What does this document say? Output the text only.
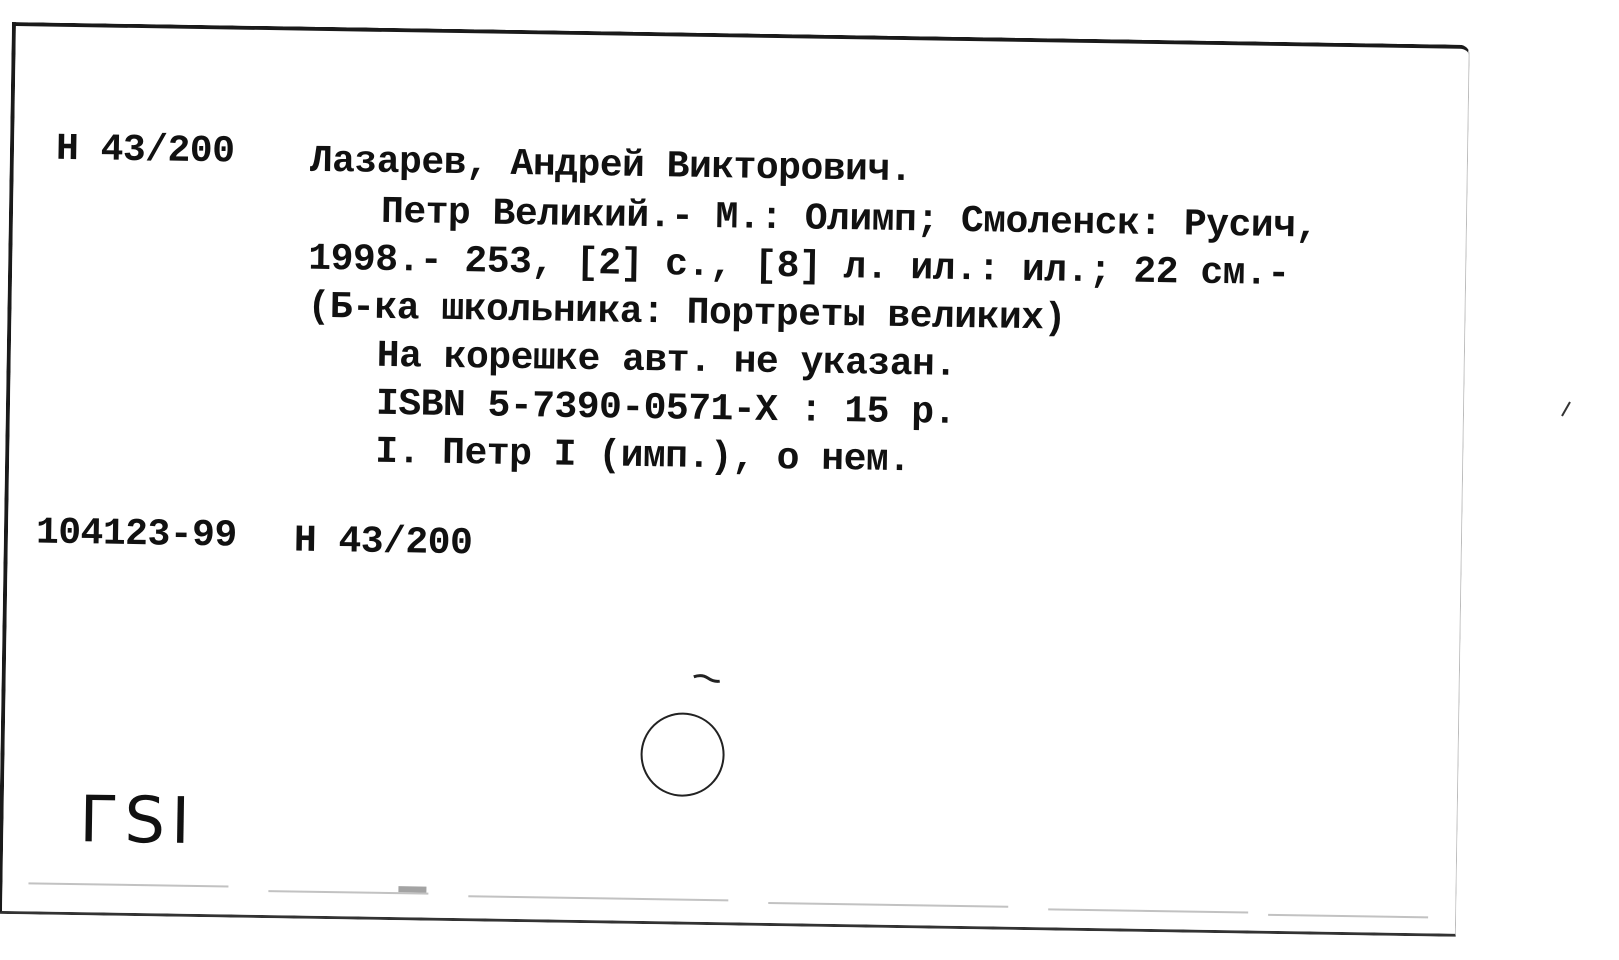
Н 43/200 Лазарев, Андрей Викторович.
Петр Великий.- М.: Олимп; Смоленск: Русич,
1998.- 253, [2] с., [8] л. ил.: ил.; 22 см.-
(Б-ка школьника: Портреты великих)
На корешке авт. не указан.
ISBN 5-7390-0571-X : 15 р.
I. Петр I (имп.), о нем.
104123-99 Н 43/200
ГSI
